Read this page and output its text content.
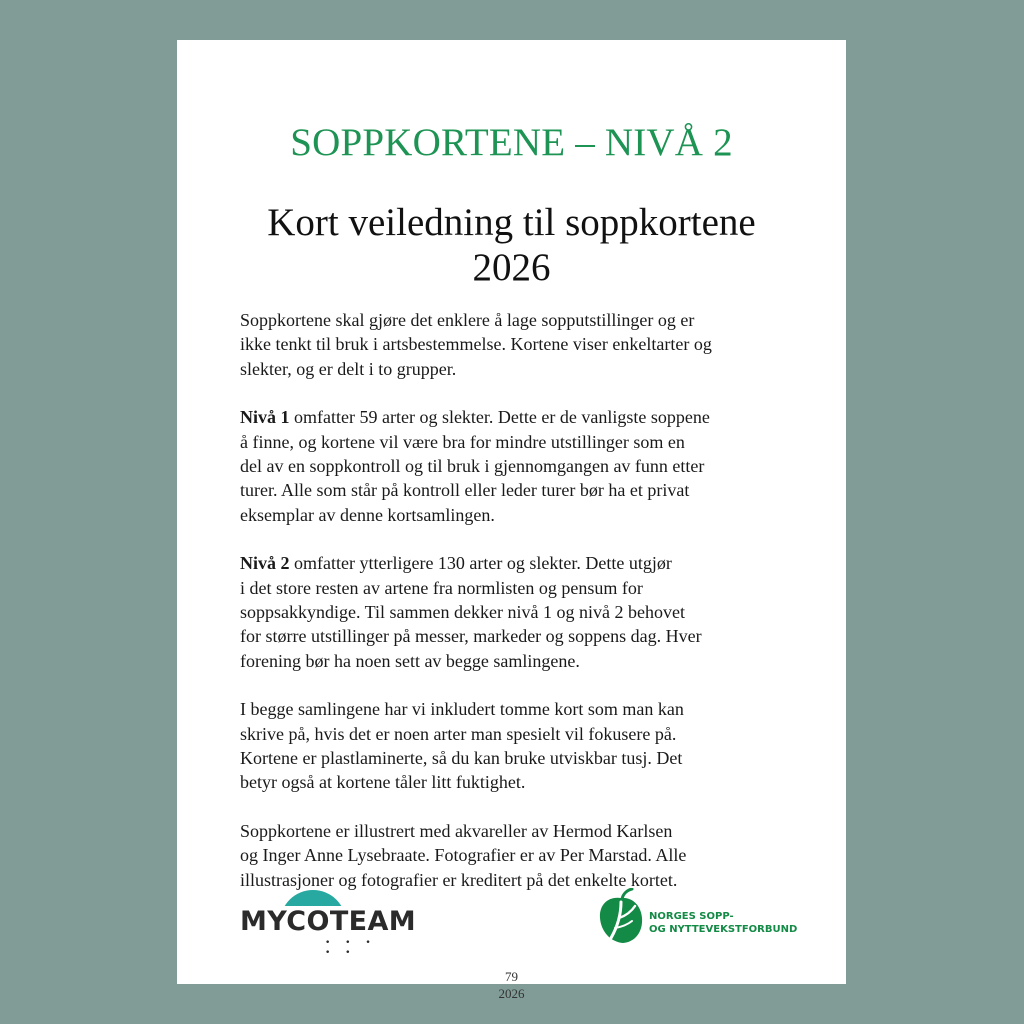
SOPPKORTENE – NIVÅ 2
Kort veiledning til soppkortene
2026
Soppkortene skal gjøre det enklere å lage sopputstillinger og er
ikke tenkt til bruk i artsbestemmelse. Kortene viser enkeltarter og
slekter, og er delt i to grupper.
Nivå 1 omfatter 59 arter og slekter. Dette er de vanligste soppene
å finne, og kortene vil være bra for mindre utstillinger som en
del av en soppkontroll og til bruk i gjennomgangen av funn etter
turer. Alle som står på kontroll eller leder turer bør ha et privat
eksemplar av denne kortsamlingen.
Nivå 2 omfatter ytterligere 130 arter og slekter. Dette utgjør
i det store resten av artene fra normlisten og pensum for
soppsakkyndige. Til sammen dekker nivå 1 og nivå 2 behovet
for større utstillinger på messer, markeder og soppens dag. Hver
forening bør ha noen sett av begge samlingene.
I begge samlingene har vi inkludert tomme kort som man kan
skrive på, hvis det er noen arter man spesielt vil fokusere på.
Kortene er plastlaminerte, så du kan bruke utviskbar tusj. Det
betyr også at kortene tåler litt fuktighet.
Soppkortene er illustrert med akvareller av Hermod Karlsen
og Inger Anne Lysebraate. Fotografier er av Per Marstad. Alle
illustrasjoner og fotografier er kreditert på det enkelte kortet.
MYCOTEAM
• • • • •
79
2026
NORGES SOPP-
OG NYTTEVEKSTFORBUND
